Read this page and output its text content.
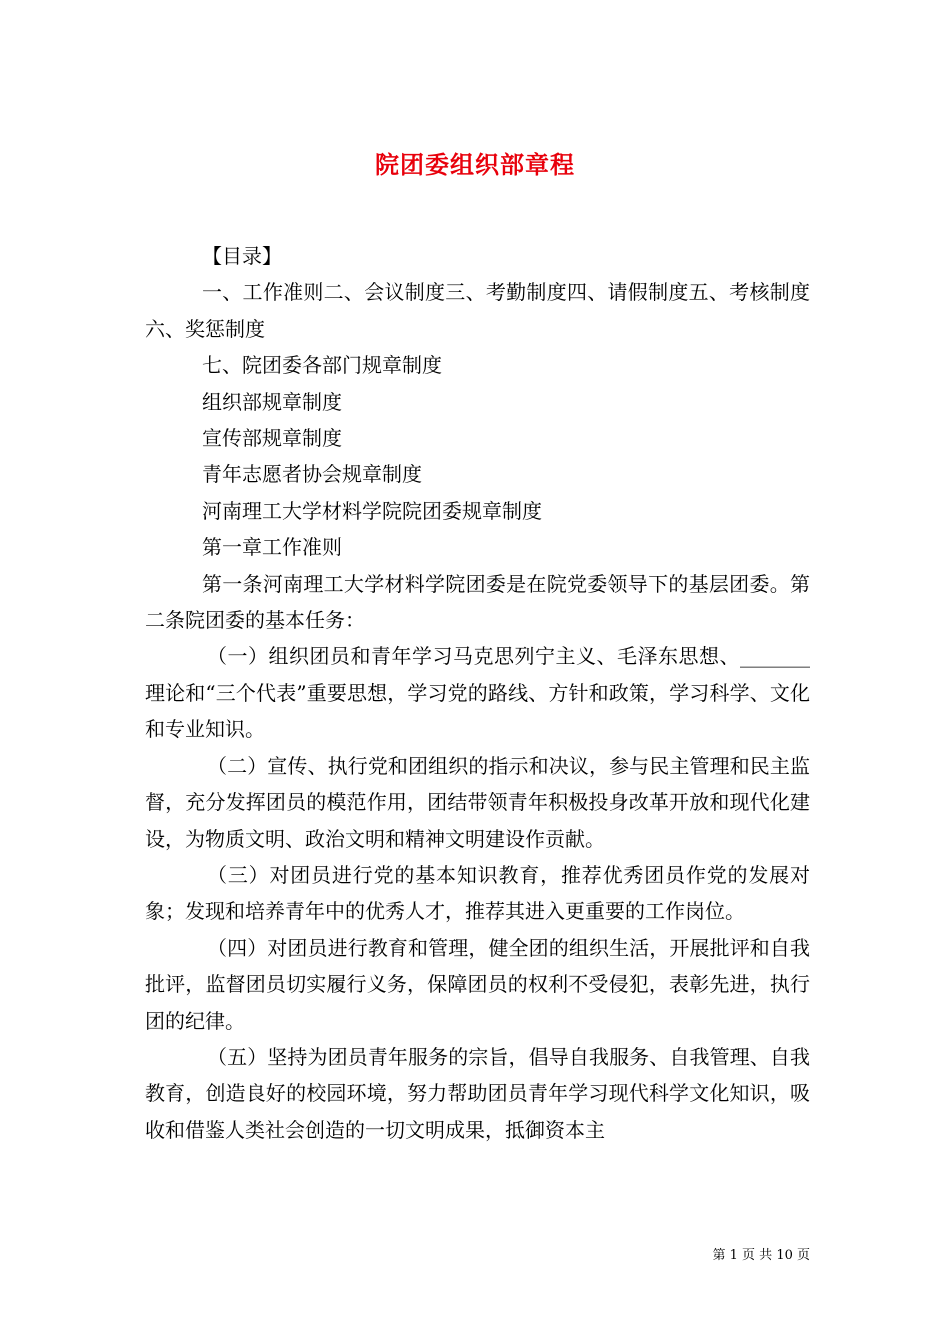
院团委组织部章程

【目录】

一、工作准则二、会议制度三、考勤制度四、请假制度五、考核制度六、奖惩制度

七、院团委各部门规章制度

组织部规章制度

宣传部规章制度

青年志愿者协会规章制度

河南理工大学材料学院院团委规章制度

第一章工作准则

第一条河南理工大学材料学院团委是在院党委领导下的基层团委。第二条院团委的基本任务：

（一）组织团员和青年学习马克思列宁主义、毛泽东思想、_______理论和“三个代表”重要思想，学习党的路线、方针和政策，学习科学、文化和专业知识。

（二）宣传、执行党和团组织的指示和决议，参与民主管理和民主监督，充分发挥团员的模范作用，团结带领青年积极投身改革开放和现代化建设，为物质文明、政治文明和精神文明建设作贡献。

（三）对团员进行党的基本知识教育，推荐优秀团员作党的发展对象；发现和培养青年中的优秀人才，推荐其进入更重要的工作岗位。

（四）对团员进行教育和管理，健全团的组织生活，开展批评和自我批评，监督团员切实履行义务，保障团员的权利不受侵犯，表彰先进，执行团的纪律。

（五）坚持为团员青年服务的宗旨，倡导自我服务、自我管理、自我教育，创造良好的校园环境，努力帮助团员青年学习现代科学文化知识，吸收和借鉴人类社会创造的一切文明成果，抵御资本主

第 1 页 共 10 页
